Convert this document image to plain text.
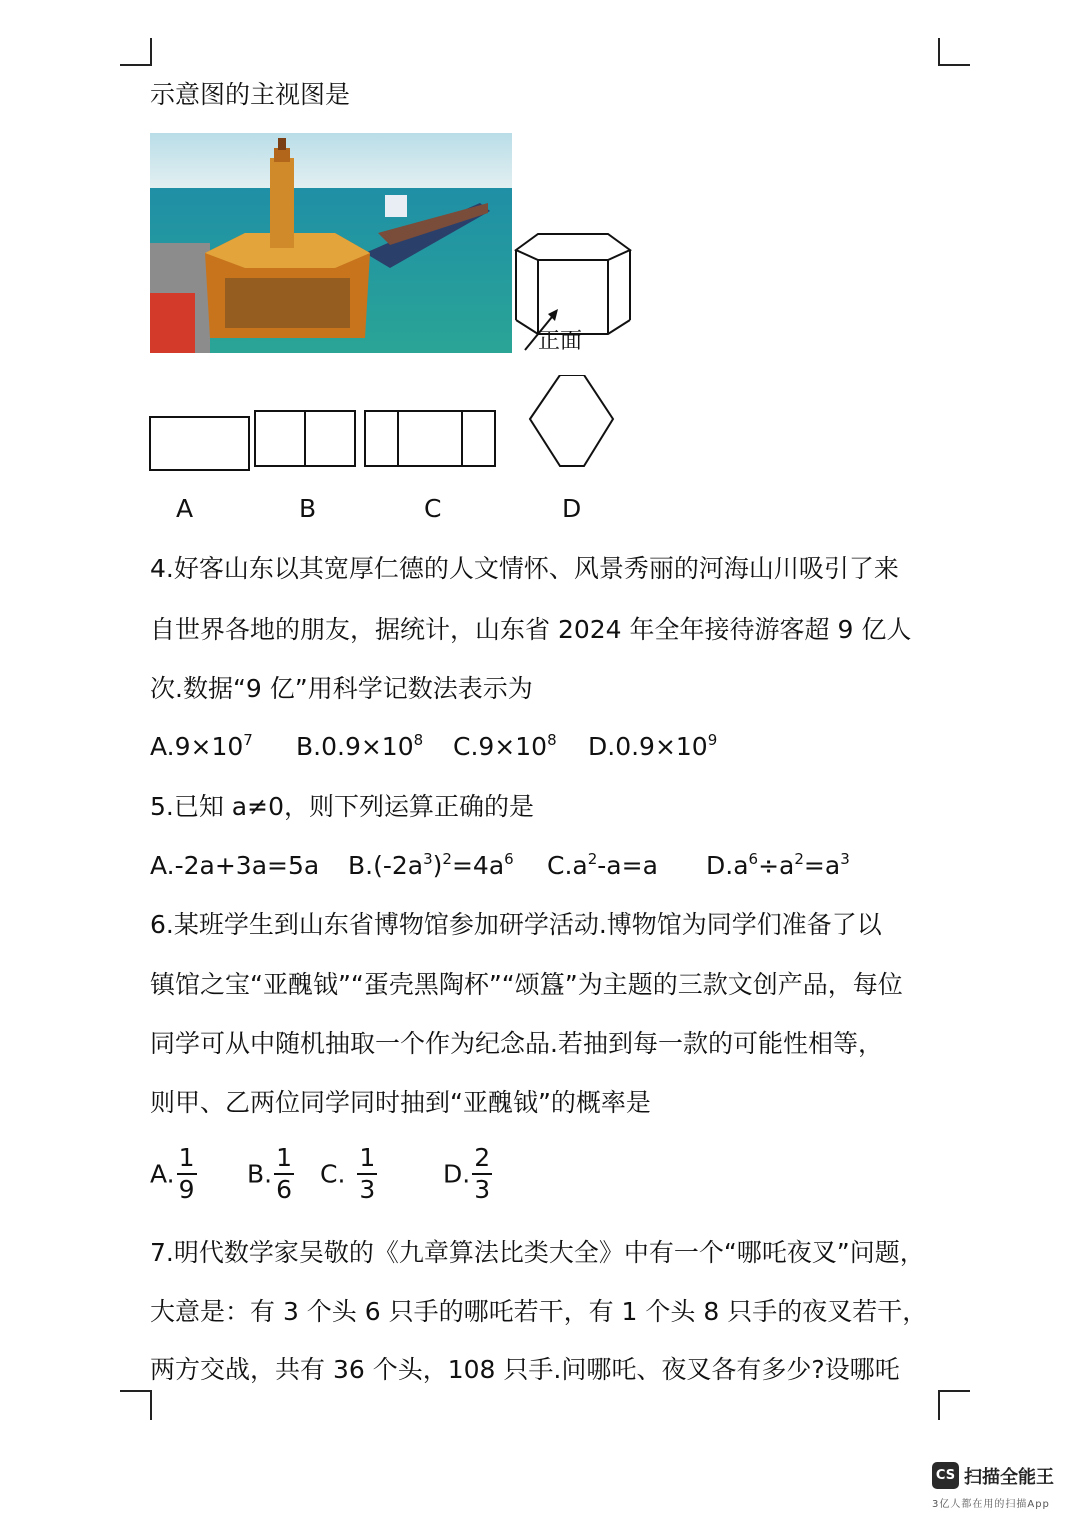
示意图的主视图是
正面
A	B	C	D
4.好客山东以其宽厚仁德的人文情怀、风景秀丽的河海山川吸引了来
自世界各地的朋友，据统计，山东省 2024 年全年接待游客超 9 亿人
次.数据“9 亿”用科学记数法表示为
$A.9\times 10^7$ $B.0.9\times 10^8$ $C.9\times 10^8$ $D.0.9\times 10^9$
5.已知 a≠0，则下列运算正确的是
A.-2a+3a=5a $B.(-2a^3)^2=4a^6$ $C.a^2-a=a$ $D.a^6\div a^2=a^3$
6.某班学生到山东省博物馆参加研学活动.博物馆为同学们准备了以
镇馆之宝“亚醜钺”“蛋壳黑陶杯”“颂簋”为主题的三款文创产品，每位
同学可从中随机抽取一个作为纪念品.若抽到每一款的可能性相等，
则甲、乙两位同学同时抽到“亚醜钺”的概率是
A. $\frac{1}{9} B$. $\frac{1}{6} C$. $\frac{1}{3}$	D. $\frac{2}{3}$
7.明代数学家吴敬的《九章算法比类大全》中有一个“哪吒夜叉”问题，
大意是：有 3 个头 6 只手的哪吒若干，有 1 个头 8 只手的夜叉若干，
两方交战，共有 36 个头，108 只手.问哪吒、夜叉各有多少?设哪吒
CS 扫描全能王
3亿人都在用的扫描App
